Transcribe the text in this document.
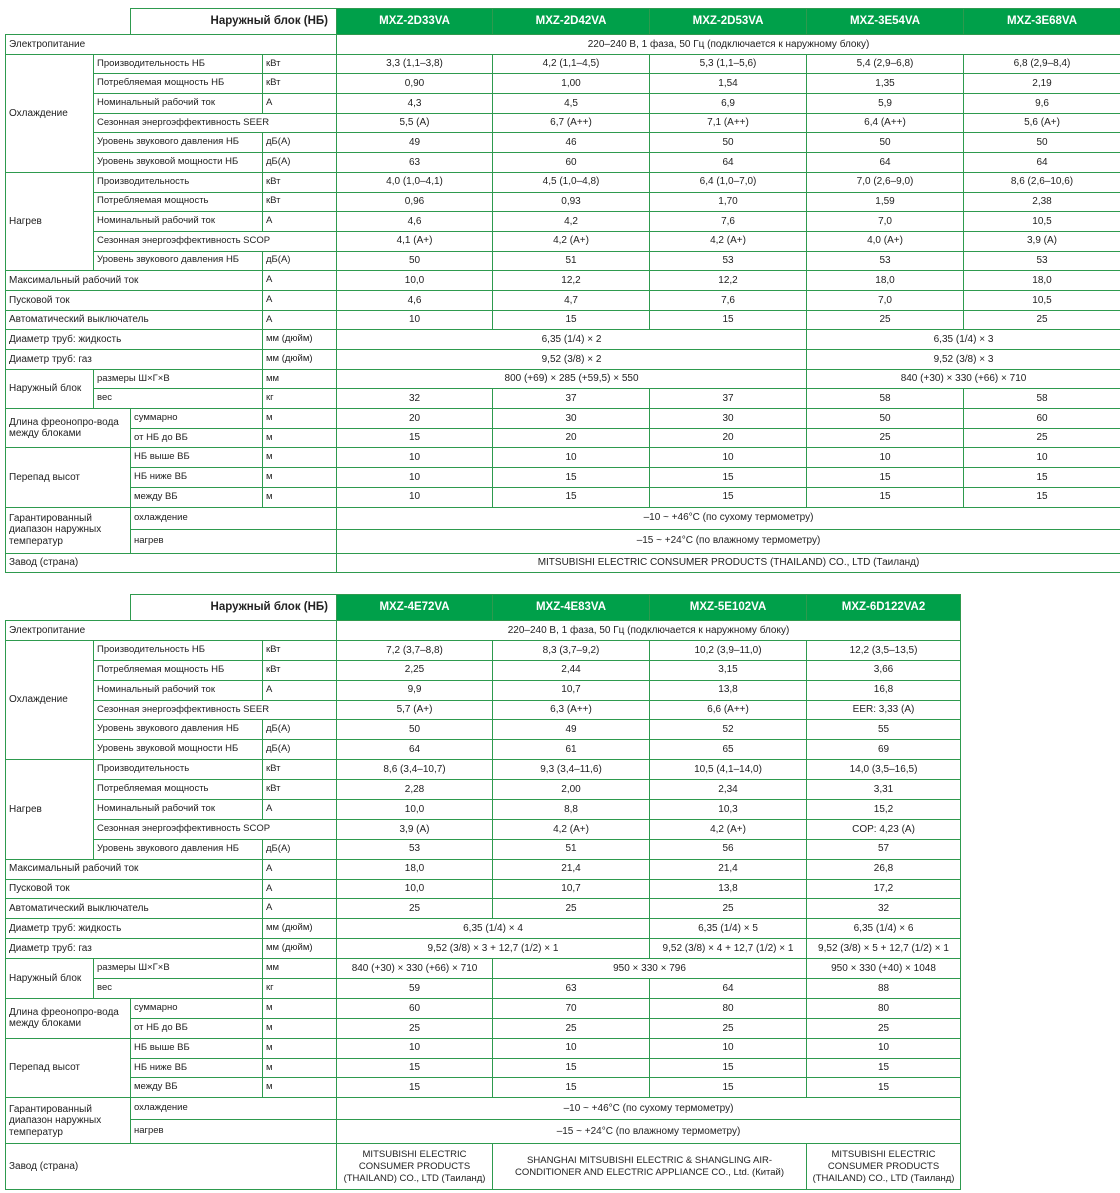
		Наружный блок (НБ)		MXZ-2D33VA	MXZ-2D42VA	MXZ-2D53VA	MXZ-3E54VA	MXZ-3E68VA
Электропитание				220–240 В, 1 фаза, 50 Гц (подключается к наружному блоку)				
Охлаждение	Производительность НБ		кВт	3,3 (1,1–3,8)	4,2 (1,1–4,5)	5,3 (1,1–5,6)	5,4 (2,9–6,8)	6,8 (2,9–8,4)
	Потребляемая мощность НБ		кВт	0,90	1,00	1,54	1,35	2,19
	Номинальный рабочий ток		А	4,3	4,5	6,9	5,9	9,6
	Сезонная энергоэффективность SEER			5,5 (A)	6,7 (A++)	7,1 (A++)	6,4 (A++)	5,6 (A+)
	Уровень звукового давления НБ		дБ(А)	49	46	50	50	50
	Уровень звуковой мощности НБ		дБ(А)	63	60	64	64	64
Нагрев	Производительность		кВт	4,0 (1,0–4,1)	4,5 (1,0–4,8)	6,4 (1,0–7,0)	7,0 (2,6–9,0)	8,6 (2,6–10,6)
	Потребляемая мощность		кВт	0,96	0,93	1,70	1,59	2,38
	Номинальный рабочий ток		А	4,6	4,2	7,6	7,0	10,5
	Сезонная энергоэффективность SCOP			4,1 (A+)	4,2 (A+)	4,2 (A+)	4,0 (A+)	3,9 (A)
	Уровень звукового давления НБ		дБ(А)	50	51	53	53	53
Максимальный рабочий ток			А	10,0	12,2	12,2	18,0	18,0
Пусковой ток			А	4,6	4,7	7,6	7,0	10,5
Автоматический выключатель			А	10	15	15	25	25
Диаметр труб: жидкость			мм (дюйм)	6,35 (1/4) × 2			6,35 (1/4) × 3	
Диаметр труб: газ			мм (дюйм)	9,52 (3/8) × 2			9,52 (3/8) × 3	
Наружный блок	размеры Ш×Г×В		мм	800 (+69) × 285 (+59,5) × 550			840 (+30) × 330 (+66) × 710	
	вес		кг	32	37	37	58	58
Длина фреонопро-вода между блоками		суммарно	м	20	30	30	50	60
		от НБ до ВБ	м	15	20	20	25	25
Перепад высот		НБ выше ВБ	м	10	10	10	10	10
		НБ ниже ВБ	м	10	15	15	15	15
		между ВБ	м	10	15	15	15	15
Гарантированный диапазон наружных температур		охлаждение		–10 ~ +46°C (по сухому термометру)				
		нагрев		–15 ~ +24°C (по влажному термометру)				
Завод (страна)				MITSUBISHI ELECTRIC CONSUMER PRODUCTS (THAILAND) CO., LTD (Таиланд)				
		Наружный блок (НБ)		MXZ-4E72VA	MXZ-4E83VA	MXZ-5E102VA	MXZ-6D122VA2
Электропитание				220–240 В, 1 фаза, 50 Гц (подключается к наружному блоку)			
Охлаждение	Производительность НБ		кВт	7,2 (3,7–8,8)	8,3 (3,7–9,2)	10,2 (3,9–11,0)	12,2 (3,5–13,5)
	Потребляемая мощность НБ		кВт	2,25	2,44	3,15	3,66
	Номинальный рабочий ток		А	9,9	10,7	13,8	16,8
	Сезонная энергоэффективность SEER			5,7 (A+)	6,3 (A++)	6,6 (A++)	EER: 3,33 (A)
	Уровень звукового давления НБ		дБ(А)	50	49	52	55
	Уровень звуковой мощности НБ		дБ(А)	64	61	65	69
Нагрев	Производительность		кВт	8,6 (3,4–10,7)	9,3 (3,4–11,6)	10,5 (4,1–14,0)	14,0 (3,5–16,5)
	Потребляемая мощность		кВт	2,28	2,00	2,34	3,31
	Номинальный рабочий ток		А	10,0	8,8	10,3	15,2
	Сезонная энергоэффективность SCOP			3,9 (A)	4,2 (A+)	4,2 (A+)	COP: 4,23 (A)
	Уровень звукового давления НБ		дБ(А)	53	51	56	57
Максимальный рабочий ток			А	18,0	21,4	21,4	26,8
Пусковой ток			А	10,0	10,7	13,8	17,2
Автоматический выключатель			А	25	25	25	32
Диаметр труб: жидкость			мм (дюйм)	6,35 (1/4) × 4		6,35 (1/4) × 5	6,35 (1/4) × 6
Диаметр труб: газ			мм (дюйм)	9,52 (3/8) × 3 + 12,7 (1/2) × 1		9,52 (3/8) × 4 + 12,7 (1/2) × 1	9,52 (3/8) × 5 + 12,7 (1/2) × 1
Наружный блок	размеры Ш×Г×В		мм	840 (+30) × 330 (+66) × 710	950 × 330 × 796		950 × 330 (+40) × 1048
	вес		кг	59	63	64	88
Длина фреонопро-вода между блоками		суммарно	м	60	70	80	80
		от НБ до ВБ	м	25	25	25	25
Перепад высот		НБ выше ВБ	м	10	10	10	10
		НБ ниже ВБ	м	15	15	15	15
		между ВБ	м	15	15	15	15
Гарантированный диапазон наружных температур		охлаждение		–10 ~ +46°C (по сухому термометру)			
		нагрев		–15 ~ +24°C (по влажному термометру)			
Завод (страна)				MITSUBISHI ELECTRIC CONSUMER PRODUCTS (THAILAND) CO., LTD (Таиланд)	SHANGHAI MITSUBISHI ELECTRIC & SHANGLING AIR-CONDITIONER AND ELECTRIC APPLIANCE CO., Ltd. (Китай)		MITSUBISHI ELECTRIC CONSUMER PRODUCTS (THAILAND) CO., LTD (Таиланд)
